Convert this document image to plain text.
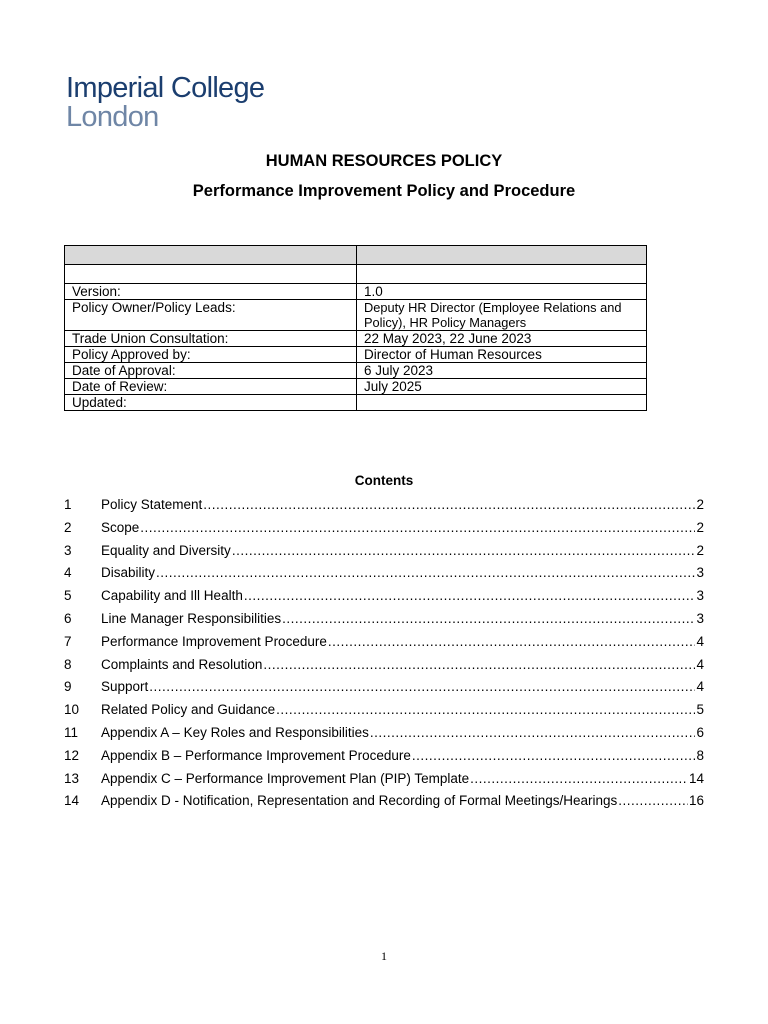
Imperial College
London
HUMAN RESOURCES POLICY
Performance Improvement Policy and Procedure

Version:	1.0
Policy Owner/Policy Leads:	Deputy HR Director (Employee Relations and Policy), HR Policy Managers

Trade Union Consultation:	22 May 2023, 22 June 2023
Policy Approved by:	Director of Human Resources
Date of Approval:	6 July 2023
Date of Review:	July 2025
Updated:	
Contents
1	Policy Statement .....	2
2	Scope .....	2
3	Equality and Diversity .....	2
4	Disability .....	3
5	Capability and Ill Health .....	3
6	Line Manager Responsibilities .....	3
7	Performance Improvement Procedure .....	4
8	Complaints and Resolution .....	4
9	Support .....	4
10	Related Policy and Guidance .....	5
11	Appendix A – Key Roles and Responsibilities .....	6
12	Appendix B – Performance Improvement Procedure .....	8
13	Appendix C – Performance Improvement Plan (PIP) Template .....	14
14	Appendix D - Notification, Representation and Recording of Formal Meetings/Hearings .....	16
1
